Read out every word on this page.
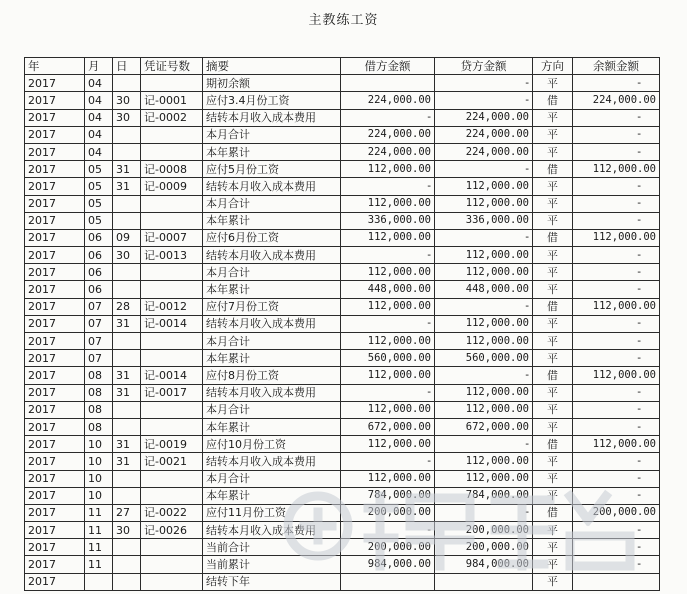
主教练工资
年	月	日	凭证号数	摘要	借方金额	贷方金额	方向	余额金额
2017	04			期初余额		-	平	-
2017	04	30	记-0001	应付3.4月份工资	224,000.00	-	借	224,000.00
2017	04	30	记-0002	结转本月收入成本费用	-	224,000.00	平	-
2017	04			本月合计	224,000.00	224,000.00	平	-
2017	04			本年累计	224,000.00	224,000.00	平	-
2017	05	31	记-0008	应付5月份工资	112,000.00	-	借	112,000.00
2017	05	31	记-0009	结转本月收入成本费用	-	112,000.00	平	-
2017	05			本月合计	112,000.00	112,000.00	平	-
2017	05			本年累计	336,000.00	336,000.00	平	-
2017	06	09	记-0007	应付6月份工资	112,000.00	-	借	112,000.00
2017	06	30	记-0013	结转本月收入成本费用	-	112,000.00	平	-
2017	06			本月合计	112,000.00	112,000.00	平	-
2017	06			本年累计	448,000.00	448,000.00	平	-
2017	07	28	记-0012	应付7月份工资	112,000.00	-	借	112,000.00
2017	07	31	记-0014	结转本月收入成本费用	-	112,000.00	平	-
2017	07			本月合计	112,000.00	112,000.00	平	-
2017	07			本年累计	560,000.00	560,000.00	平	-
2017	08	31	记-0014	应付8月份工资	112,000.00	-	借	112,000.00
2017	08	31	记-0017	结转本月收入成本费用	-	112,000.00	平	-
2017	08			本月合计	112,000.00	112,000.00	平	-
2017	08			本年累计	672,000.00	672,000.00	平	-
2017	10	31	记-0019	应付10月份工资	112,000.00	-	借	112,000.00
2017	10	31	记-0021	结转本月收入成本费用	-	112,000.00	平	-
2017	10			本月合计	112,000.00	112,000.00	平	-
2017	10			本年累计	784,000.00	784,000.00	平	-
2017	11	27	记-0022	应付11月份工资	200,000.00	-	借	200,000.00
2017	11	30	记-0026	结转本月收入成本费用	-	200,000.00	平	-
2017	11			当前合计	200,000.00	200,000.00	平	-
2017	11			当前累计	984,000.00	984,000.00	平	-
2017				结转下年			平	
